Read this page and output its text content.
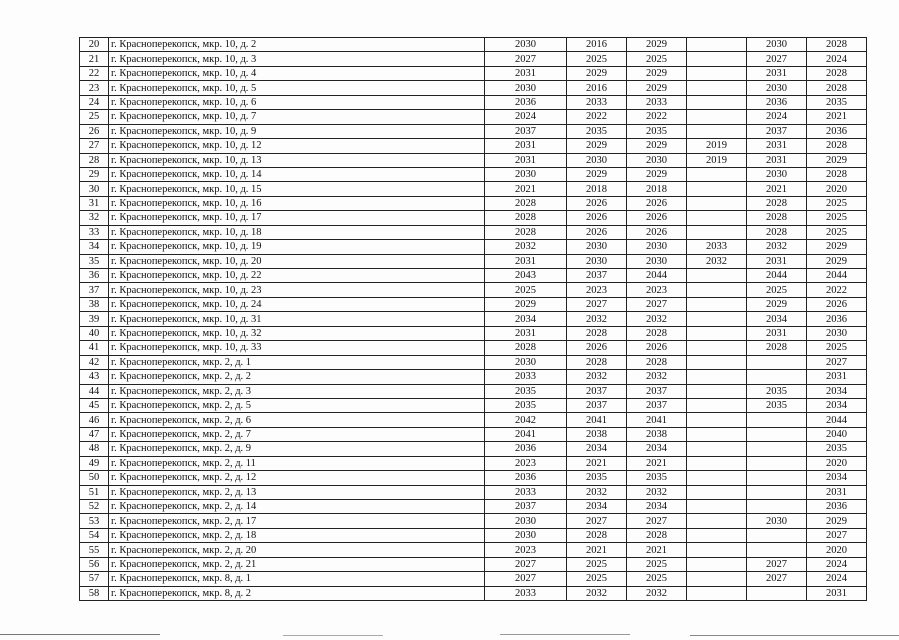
20	г. Красноперекопск, мкр. 10, д. 2	2030	2016	2029		2030	2028
21	г. Красноперекопск, мкр. 10, д. 3	2027	2025	2025		2027	2024
22	г. Красноперекопск, мкр. 10, д. 4	2031	2029	2029		2031	2028
23	г. Красноперекопск, мкр. 10, д. 5	2030	2016	2029		2030	2028
24	г. Красноперекопск, мкр. 10, д. 6	2036	2033	2033		2036	2035
25	г. Красноперекопск, мкр. 10, д. 7	2024	2022	2022		2024	2021
26	г. Красноперекопск, мкр. 10, д. 9	2037	2035	2035		2037	2036
27	г. Красноперекопск, мкр. 10, д. 12	2031	2029	2029	2019	2031	2028
28	г. Красноперекопск, мкр. 10, д. 13	2031	2030	2030	2019	2031	2029
29	г. Красноперекопск, мкр. 10, д. 14	2030	2029	2029		2030	2028
30	г. Красноперекопск, мкр. 10, д. 15	2021	2018	2018		2021	2020
31	г. Красноперекопск, мкр. 10, д. 16	2028	2026	2026		2028	2025
32	г. Красноперекопск, мкр. 10, д. 17	2028	2026	2026		2028	2025
33	г. Красноперекопск, мкр. 10, д. 18	2028	2026	2026		2028	2025
34	г. Красноперекопск, мкр. 10, д. 19	2032	2030	2030	2033	2032	2029
35	г. Красноперекопск, мкр. 10, д. 20	2031	2030	2030	2032	2031	2029
36	г. Красноперекопск, мкр. 10, д. 22	2043	2037	2044		2044	2044
37	г. Красноперекопск, мкр. 10, д. 23	2025	2023	2023		2025	2022
38	г. Красноперекопск, мкр. 10, д. 24	2029	2027	2027		2029	2026
39	г. Красноперекопск, мкр. 10, д. 31	2034	2032	2032		2034	2036
40	г. Красноперекопск, мкр. 10, д. 32	2031	2028	2028		2031	2030
41	г. Красноперекопск, мкр. 10, д. 33	2028	2026	2026		2028	2025
42	г. Красноперекопск, мкр. 2, д. 1	2030	2028	2028			2027
43	г. Красноперекопск, мкр. 2, д. 2	2033	2032	2032			2031
44	г. Красноперекопск, мкр. 2, д. 3	2035	2037	2037		2035	2034
45	г. Красноперекопск, мкр. 2, д. 5	2035	2037	2037		2035	2034
46	г. Красноперекопск, мкр. 2, д. 6	2042	2041	2041			2044
47	г. Красноперекопск, мкр. 2, д. 7	2041	2038	2038			2040
48	г. Красноперекопск, мкр. 2, д. 9	2036	2034	2034			2035
49	г. Красноперекопск, мкр. 2, д. 11	2023	2021	2021			2020
50	г. Красноперекопск, мкр. 2, д. 12	2036	2035	2035			2034
51	г. Красноперекопск, мкр. 2, д. 13	2033	2032	2032			2031
52	г. Красноперекопск, мкр. 2, д. 14	2037	2034	2034			2036
53	г. Красноперекопск, мкр. 2, д. 17	2030	2027	2027		2030	2029
54	г. Красноперекопск, мкр. 2, д. 18	2030	2028	2028			2027
55	г. Красноперекопск, мкр. 2, д. 20	2023	2021	2021			2020
56	г. Красноперекопск, мкр. 2, д. 21	2027	2025	2025		2027	2024
57	г. Красноперекопск, мкр. 8, д. 1	2027	2025	2025		2027	2024
58	г. Красноперекопск, мкр. 8, д. 2	2033	2032	2032			2031
